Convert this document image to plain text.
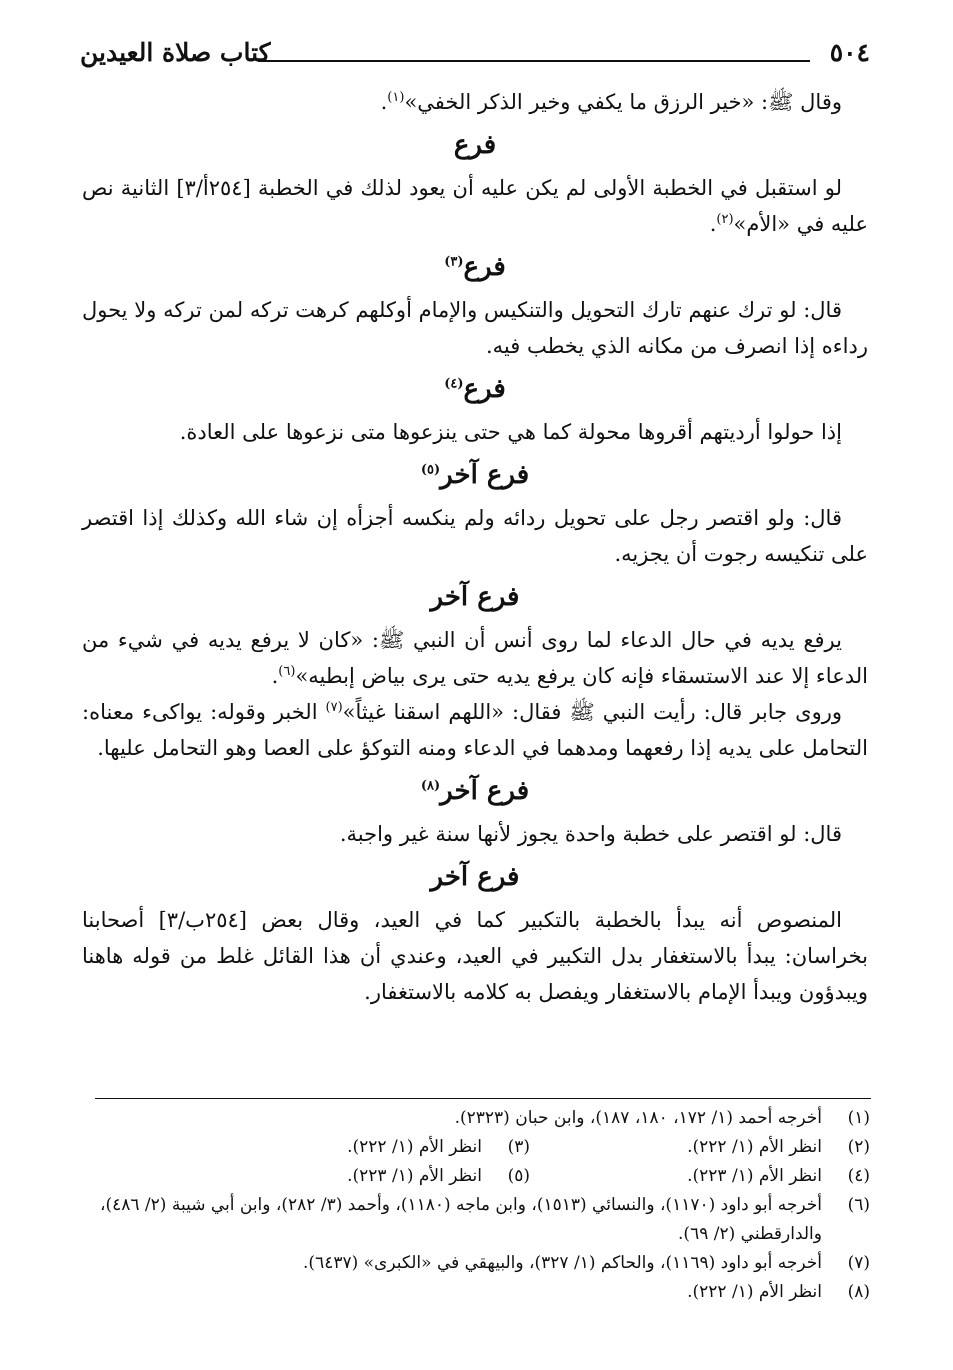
٥٠٤
كتاب صلاة العيدين

وقال ﷺ: «خير الرزق ما يكفي وخير الذكر الخفي»$^{(١)}$.

فرع

لو استقبل في الخطبة الأولى لم يكن عليه أن يعود لذلك في الخطبة [٢٥٤أ/٣] الثانية نص عليه في «الأم»$^{(٢)}$.

فرع$^{(٣)}$

قال: لو ترك عنهم تارك التحويل والتنكيس والإمام أوكلهم كرهت تركه لمن تركه ولا يحول رداءه إذا انصرف من مكانه الذي يخطب فيه.

فرع$^{(٤)}$

إذا حولوا أرديتهم أقروها محولة كما هي حتى ينزعوها متى نزعوها على العادة.

فرع آخر$^{(٥)}$

قال: ولو اقتصر رجل على تحويل ردائه ولم ينكسه أجزأه إن شاء الله وكذلك إذا اقتصر على تنكيسه رجوت أن يجزيه.

فرع آخر

يرفع يديه في حال الدعاء لما روى أنس أن النبي ﷺ: «كان لا يرفع يديه في شيء من الدعاء إلا عند الاستسقاء فإنه كان يرفع يديه حتى يرى بياض إبطيه»$^{(٦)}$.

وروى جابر قال: رأيت النبي ﷺ فقال: «اللهم اسقنا غيثاً»$^{(٧)}$ الخبر وقوله: يواكىء معناه: التحامل على يديه إذا رفعهما ومدهما في الدعاء ومنه التوكؤ على العصا وهو التحامل عليها.

فرع آخر$^{(٨)}$

قال: لو اقتصر على خطبة واحدة يجوز لأنها سنة غير واجبة.

فرع آخر

المنصوص أنه يبدأ بالخطبة بالتكبير كما في العيد، وقال بعض [٢٥٤ب/٣] أصحابنا بخراسان: يبدأ بالاستغفار بدل التكبير في العيد، وعندي أن هذا القائل غلط من قوله هاهنا ويبدؤون ويبدأ الإمام بالاستغفار ويفصل به كلامه بالاستغفار.

(١)
أخرجه أحمد (١/ ١٧٢، ١٨٠، ١٨٧)، وابن حبان (٢٣٢٣).
(٢)
انظر الأم (١/ ٢٢٢).
(٣)
انظر الأم (١/ ٢٢٢).
(٤)
انظر الأم (١/ ٢٢٣).
(٥)
انظر الأم (١/ ٢٢٣).
(٦)
أخرجه أبو داود (١١٧٠)، والنسائي (١٥١٣)، وابن ماجه (١١٨٠)، وأحمد (٣/ ٢٨٢)، وابن أبي شيبة (٢/ ٤٨٦)، والدارقطني (٢/ ٦٩).
(٧)
أخرجه أبو داود (١١٦٩)، والحاكم (١/ ٣٢٧)، والبيهقي في «الكبرى» (٦٤٣٧).
(٨)
انظر الأم (١/ ٢٢٢).
